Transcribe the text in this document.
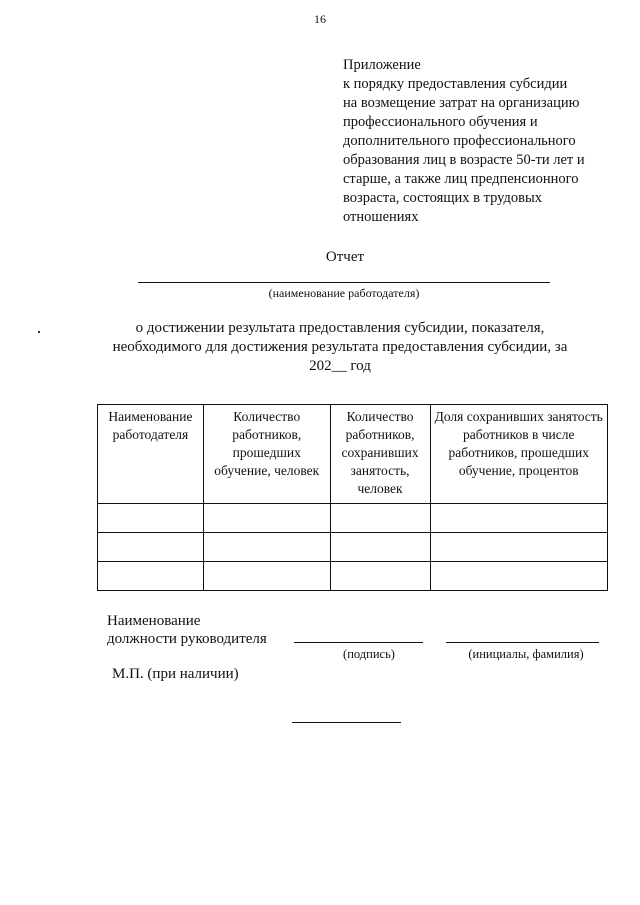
16
Приложение
к порядку предоставления субсидии
на возмещение затрат на организацию
профессионального обучения и
дополнительного профессионального
образования лиц в возрасте 50-ти лет и
старше, а также лиц предпенсионного
возраста, состоящих в трудовых
отношениях
Отчет
(наименование работодателя)
о достижении результата предоставления субсидии, показателя,
необходимого для достижения результата предоставления субсидии, за
202__ год
Наименование работодателя	Количество работников, прошедших обучение, человек	Количество работников, сохранивших занятость, человек	Доля сохранивших занятость работников в числе работников, прошедших обучение, процентов

Наименование
должности руководителя
(подпись)	(инициалы, фамилия)
М.П. (при наличии)
